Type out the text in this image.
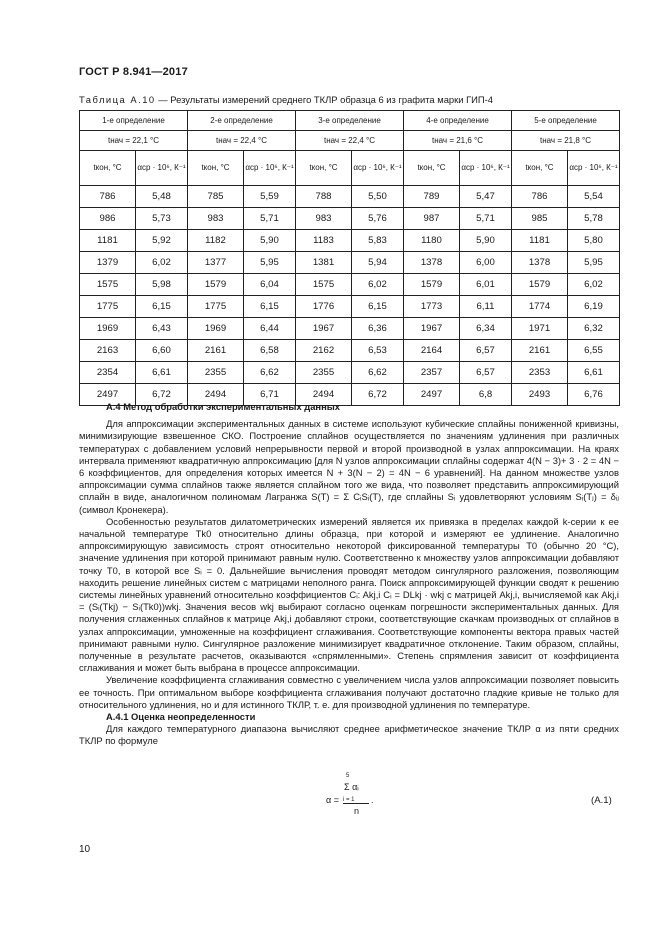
ГОСТ Р 8.941—2017
Таблица А.10 — Результаты измерений среднего ТКЛР образца 6 из графита марки ГИП-4
1-е определение		2-е определение		3-е определение		4-е определение		5-е определение	
tнач = 22,1 °C		tнач = 22,4 °C		tнач = 22,4 °C		tнач = 21,6 °C		tнач = 21,8 °C	
tкон, °C	αср · 10⁶, К⁻¹	tкон, °C	αср · 10⁶, К⁻¹	tкон, °C	αср · 10⁶, К⁻¹	tкон, °C	αср · 10⁶, К⁻¹	tкон, °C	αср · 10⁶, К⁻¹
786	5,48	785	5,59	788	5,50	789	5,47	786	5,54
986	5,73	983	5,71	983	5,76	987	5,71	985	5,78
1181	5,92	1182	5,90	1183	5,83	1180	5,90	1181	5,80
1379	6,02	1377	5,95	1381	5,94	1378	6,00	1378	5,95
1575	5,98	1579	6,04	1575	6,02	1579	6,01	1579	6,02
1775	6,15	1775	6,15	1776	6,15	1773	6,11	1774	6,19
1969	6,43	1969	6,44	1967	6,36	1967	6,34	1971	6,32
2163	6,60	2161	6,58	2162	6,53	2164	6,57	2161	6,55
2354	6,61	2355	6,62	2355	6,62	2357	6,57	2353	6,61
2497	6,72	2494	6,71	2494	6,72	2497	6,8	2493	6,76

А.4 Метод обработки экспериментальных данных

Для аппроксимации экспериментальных данных в системе используют кубические сплайны пониженной кривизны, минимизирующие взвешенное СКО. Построение сплайнов осуществляется по значениям удлинения при различных температурах с добавлением условий непрерывности первой и второй производной в узлах аппроксимации. На краях интервала применяют квадратичную аппроксимацию [для N узлов аппроксимации сплайны содержат 4(N − 3)+ 3 · 2 = 4N − 6 коэффициентов, для определения которых имеется N + 3(N − 2) = 4N − 6 уравнений]. На данном множестве узлов аппроксимации сумма сплайнов также является сплайном того же вида, что позволяет представить аппроксимирующий сплайн в виде, аналогичном полиномам Лагранжа S(T) = Σ CᵢSᵢ(T), где сплайны Sᵢ удовлетворяют условиям Sᵢ(Tⱼ) = δᵢⱼ (символ Кронекера).

Особенностью результатов дилатометрических измерений является их привязка в пределах каждой k-серии к ее начальной температуре Tk0 относительно длины образца, при которой и измеряют ее удлинение. Аналогично аппроксимирующую зависимость строят относительно некоторой фиксированной температуры T0 (обычно 20 °C), значение удлинения при которой принимают равным нулю. Соответственно к множеству узлов аппроксимации добавляют точку T0, в которой все Sᵢ = 0. Дальнейшие вычисления проводят методом сингулярного разложения, позволяющим находить решение линейных систем с матрицами неполного ранга. Поиск аппроксимирующей функции сводят к решению системы линейных уравнений относительно коэффициентов Cᵢ: Akj,i Cᵢ = DLkj · wkj с матрицей Akj,i, вычисляемой как Akj,i = (Sᵢ(Tkj) − Sᵢ(Tk0))wkj. Значения весов wkj выбирают согласно оценкам погрешности экспериментальных данных. Для получения сглаженных сплайнов к матрице Akj,i добавляют строки, соответствующие скачкам производных от сплайнов в узлах аппроксимации, умноженные на коэффициент сглаживания. Соответствующие компоненты вектора правых частей принимают равными нулю. Сингулярное разложение минимизирует квадратичное отклонение. Таким образом, сплайны, полученные в результате расчетов, оказываются «спрямленными». Степень спрямления зависит от коэффициента сглаживания и может быть выбрана в процессе аппроксимации.

Увеличение коэффициента сглаживания совместно с увеличением числа узлов аппроксимации позволяет повысить ее точность. При оптимальном выборе коэффициента сглаживания получают достаточно гладкие кривые не только для относительного удлинения, но и для истинного ТКЛР, т. е. для производной удлинения по температуре.

А.4.1 Оценка неопределенности

Для каждого температурного диапазона вычисляют среднее арифметическое значение ТКЛР α из пяти средних ТКЛР по формуле

5
α =
Σ αᵢ
i = 1
n
.	(А.1)
10
